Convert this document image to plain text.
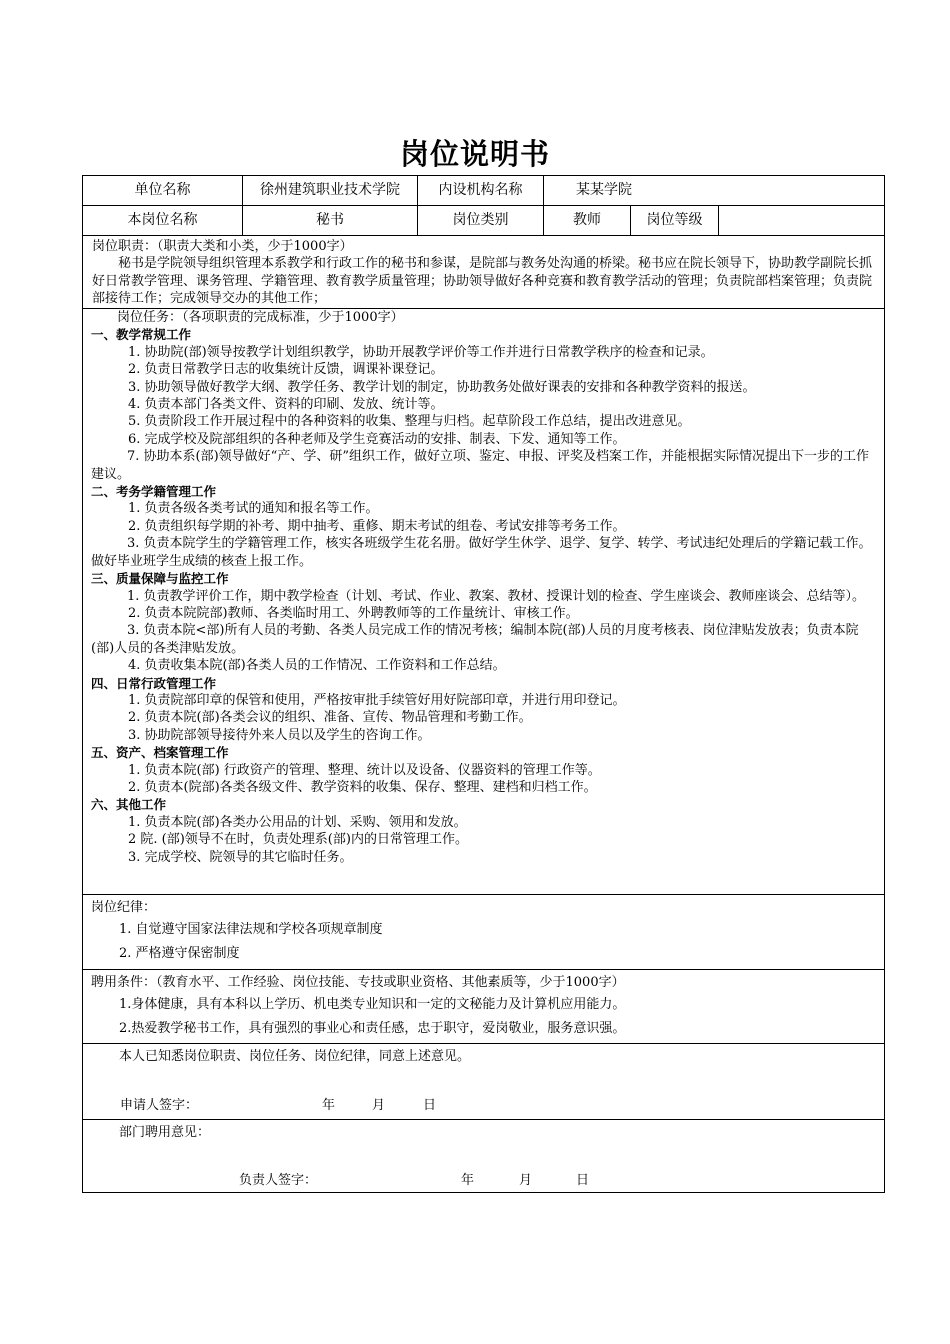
岗位说明书
单位名称	徐州建筑职业技术学院	内设机构名称	某某学院
本岗位名称	秘书	岗位类别	教师	岗位等级

岗位职责：（职责大类和小类，少于1000字）

秘书是学院领导组织管理本系教学和行政工作的秘书和参谋，是院部与教务处沟通的桥梁。秘书应在院长领导下，协助教学副院长抓好日常教学管理、课务管理、学籍管理、教育教学质量管理；协助领导做好各种竞赛和教育教学活动的管理；负责院部档案管理；负责院部接待工作；完成领导交办的其他工作；

岗位任务：（各项职责的完成标准，少于1000字）

一、教学常规工作

1. 协助院(部)领导按教学计划组织教学，协助开展教学评价等工作并进行日常教学秩序的检查和记录。

2. 负责日常教学日志的收集统计反馈，调课补课登记。

3. 协助领导做好教学大纲、教学任务、教学计划的制定，协助教务处做好课表的安排和各种教学资料的报送。

4. 负责本部门各类文件、资料的印刷、发放、统计等。

5. 负责阶段工作开展过程中的各种资料的收集、整理与归档。起草阶段工作总结，提出改进意见。

6. 完成学校及院部组织的各种老师及学生竞赛活动的安排、制表、下发、通知等工作。

7. 协助本系(部)领导做好“产、学、研”组织工作，做好立项、鉴定、申报、评奖及档案工作，并能根据实际情况提出下一步的工作建议。

二、考务学籍管理工作

1. 负责各级各类考试的通知和报名等工作。

2. 负责组织每学期的补考、期中抽考、重修、期末考试的组卷、考试安排等考务工作。

3. 负责本院学生的学籍管理工作，核实各班级学生花名册。做好学生休学、退学、复学、转学、考试违纪处理后的学籍记载工作。做好毕业班学生成绩的核查上报工作。

三、质量保障与监控工作

1. 负责教学评价工作，期中教学检查（计划、考试、作业、教案、教材、授课计划的检查、学生座谈会、教师座谈会、总结等）。

2. 负责本院院部)教师、各类临时用工、外聘教师等的工作量统计、审核工作。

3. 负责本院<部)所有人员的考勤、各类人员完成工作的情况考核；编制本院(部)人员的月度考核表、岗位津贴发放表；负责本院(部)人员的各类津贴发放。

4. 负责收集本院(部)各类人员的工作情况、工作资料和工作总结。

四、日常行政管理工作

1. 负责院部印章的保管和使用，严格按审批手续管好用好院部印章，并进行用印登记。

2. 负责本院(部)各类会议的组织、准备、宣传、物品管理和考勤工作。

3. 协助院部领导接待外来人员以及学生的咨询工作。

五、资产、档案管理工作

1. 负责本院(部) 行政资产的管理、整理、统计以及设备、仪器资料的管理工作等。

2. 负责本(院部)各类各级文件、教学资料的收集、保存、整理、建档和归档工作。

六、其他工作

1. 负责本院(部)各类办公用品的计划、采购、领用和发放。

2 院. (部)领导不在时，负责处理系(部)内的日常管理工作。

3. 完成学校、院领导的其它临时任务。

岗位纪律：

1. 自觉遵守国家法律法规和学校各项规章制度

2. 严格遵守保密制度

聘用条件：（教育水平、工作经验、岗位技能、专技或职业资格、其他素质等，少于1000字）

1.身体健康，具有本科以上学历、机电类专业知识和一定的文秘能力及计算机应用能力。

2.热爱教学秘书工作，具有强烈的事业心和责任感，忠于职守，爱岗敬业，服务意识强。

本人已知悉岗位职责、岗位任务、岗位纪律，同意上述意见。

申请人签字：	年	月	日

部门聘用意见：

负责人签字：	年	月	日
